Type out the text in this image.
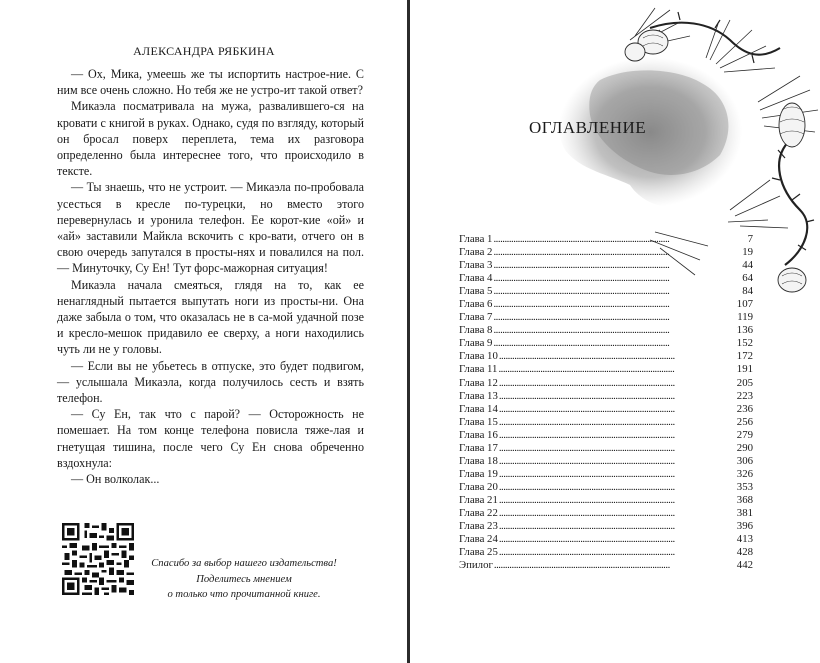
АЛЕКСАНДРА РЯБКИНА

— Ох, Мика, умеешь же ты испортить настрое-ние. С ним все очень сложно. Но тебя же не устро-ит такой ответ?

Микаэла посматривала на мужа, развалившего-ся на кровати с книгой в руках. Однако, судя по взгляду, который он бросал поверх переплета, тема их разговора определенно была интереснее того, что происходило в тексте.

— Ты знаешь, что не устроит. — Микаэла по-пробовала усесться в кресле по-турецки, но вместо этого перевернулась и уронила телефон. Ее корот-кие «ой» и «ай» заставили Майкла вскочить с кро-вати, отчего он в свою очередь запутался в просты-нях и повалился на пол. — Минуточку, Су Ен! Тут форс-мажорная ситуация!

Микаэла начала смеяться, глядя на то, как ее ненаглядный пытается выпутать ноги из просты-ни. Она даже забыла о том, что оказалась не в са-мой удачной позе и кресло-мешок придавило ее сверху, а ноги находились чуть ли не у головы.

— Если вы не убьетесь в отпуске, это будет подвигом, — услышала Микаэла, когда получилось сесть и взять телефон.

— Су Ен, так что с парой? — Осторожность не помешает. На том конце телефона повисла тяже-лая и гнетущая тишина, после чего Су Ен снова обреченно вздохнула:

— Он волколак...

Спасибо за выбор нашего издательства!
Поделитесь мнением
о только что прочитанной книге.
ОГЛАВЛЕНИЕ
Глава 1 . . .	7
Глава 2 . . .	19
Глава 3 . . .	44
Глава 4 . . .	64
Глава 5 . . .	84
Глава 6 . . .	107
Глава 7 . . .	119
Глава 8 . . .	136
Глава 9 . . .	152
Глава 10 . . .	172
Глава 11 . . .	191
Глава 12 . . .	205
Глава 13 . . .	223
Глава 14 . . .	236
Глава 15 . . .	256
Глава 16 . . .	279
Глава 17 . . .	290
Глава 18 . . .	306
Глава 19 . . .	326
Глава 20 . . .	353
Глава 21 . . .	368
Глава 22 . . .	381
Глава 23 . . .	396
Глава 24 . . .	413
Глава 25 . . .	428
Эпилог . . .	442
